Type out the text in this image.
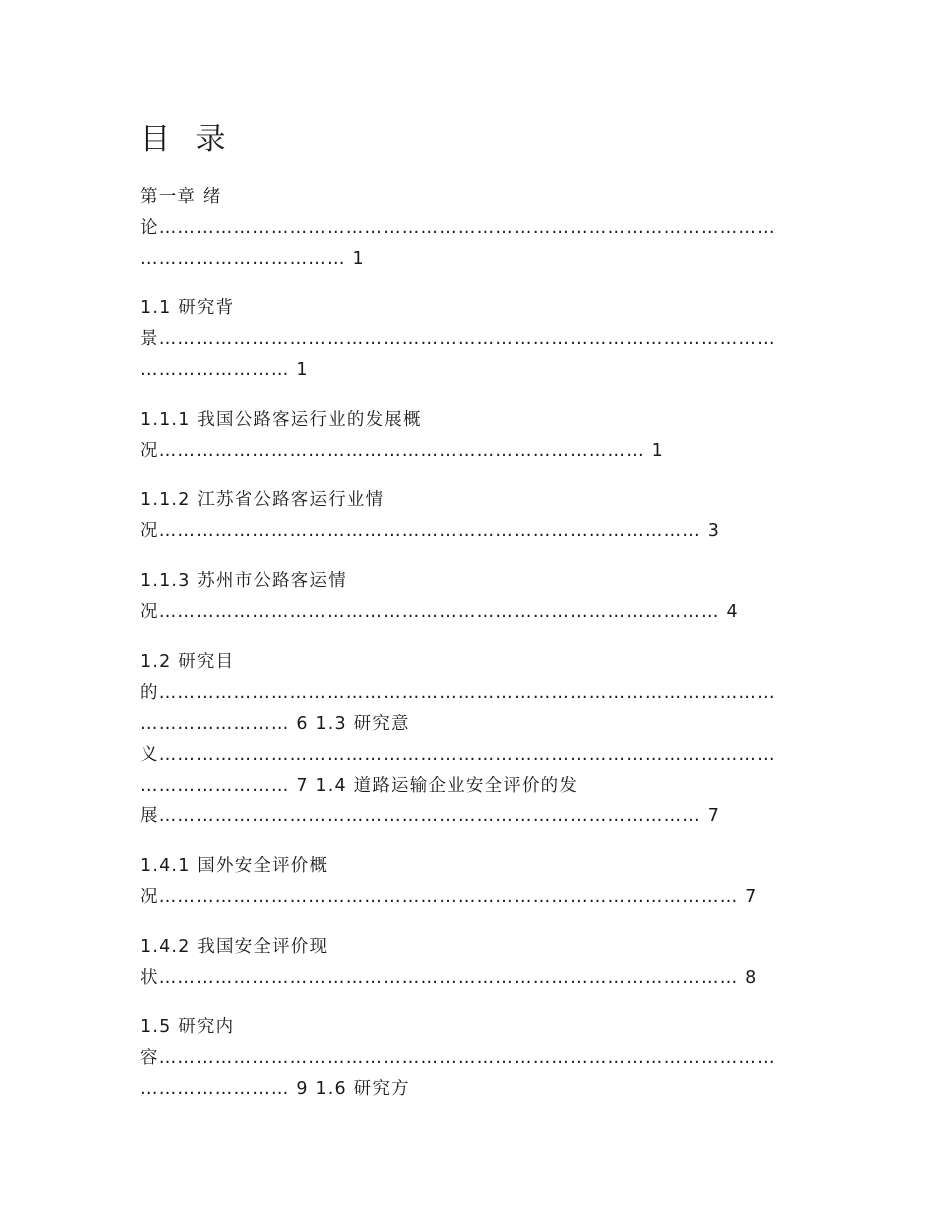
目 录
第一章 绪
论………………………………………………………………………………………
…………………………… 1
1.1 研究背
景………………………………………………………………………………………
…………………… 1
1.1.1 我国公路客运行业的发展概
况…………………………………………………………………… 1
1.1.2 江苏省公路客运行业情
况…………………………………………………………………………… 3
1.1.3 苏州市公路客运情
况……………………………………………………………………………… 4
1.2 研究目
的………………………………………………………………………………………
…………………… 6 1.3 研究意
义………………………………………………………………………………………
…………………… 7 1.4 道路运输企业安全评价的发
展…………………………………………………………………………… 7
1.4.1 国外安全评价概
况………………………………………………………………………………… 7
1.4.2 我国安全评价现
状………………………………………………………………………………… 8
1.5 研究内
容………………………………………………………………………………………
…………………… 9 1.6 研究方
